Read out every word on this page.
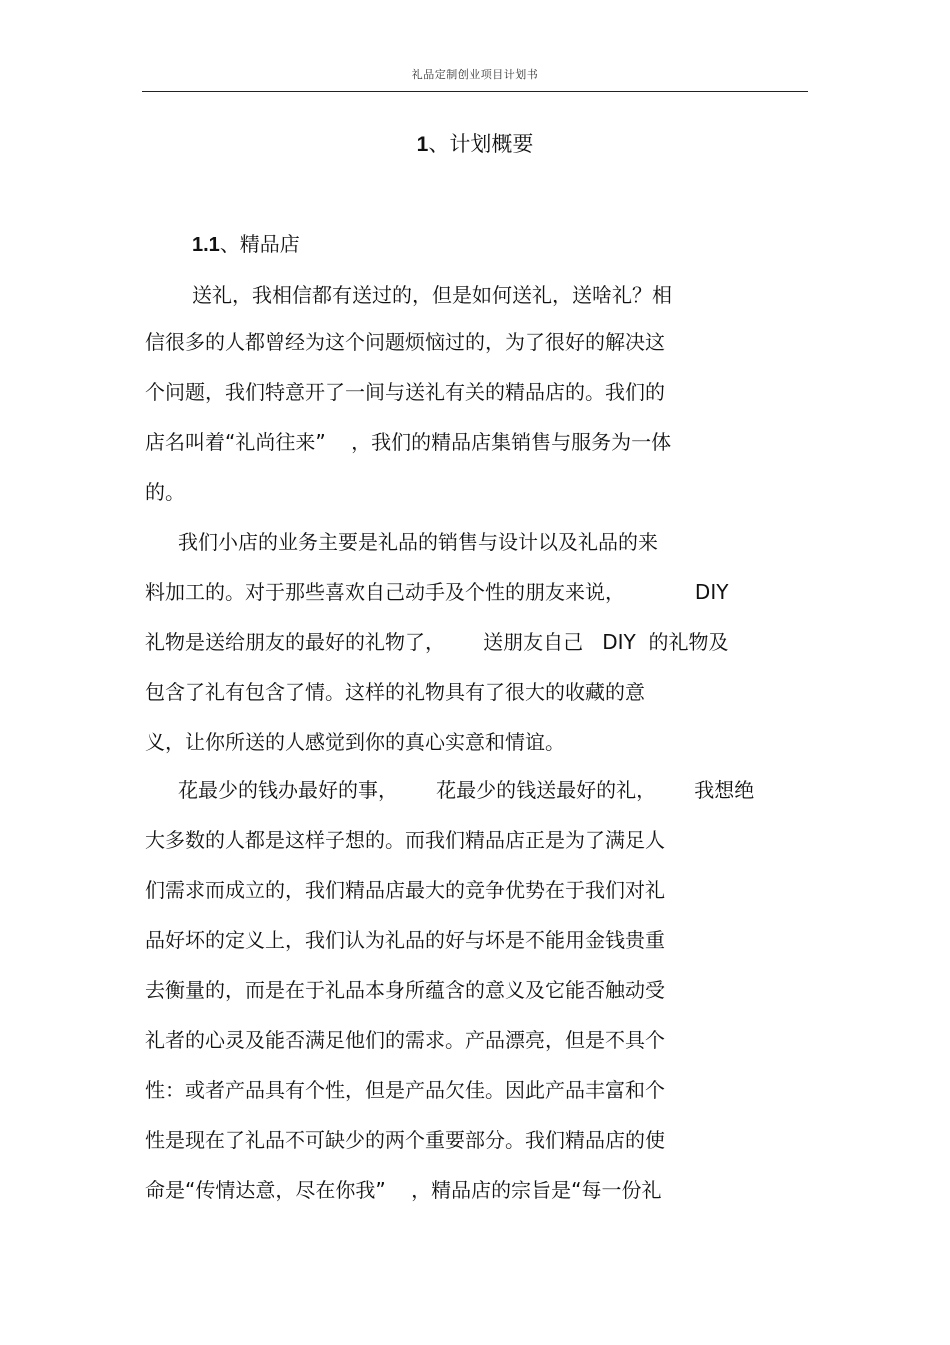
礼品定制创业项目计划书
1、计划概要
1.1、精品店
送礼，我相信都有送过的，但是如何送礼，送啥礼？相
信很多的人都曾经为这个问题烦恼过的，为了很好的解决这
个问题，我们特意开了一间与送礼有关的精品店的。我们的
店名叫着“礼尚往来”    ，我们的精品店集销售与服务为一体
的。
我们小店的业务主要是礼品的销售与设计以及礼品的来
料加工的。对于那些喜欢自己动手及个性的朋友来说，           DIY
礼物是送给朋友的最好的礼物了，      送朋友自己   DIY  的礼物及
包含了礼有包含了情。这样的礼物具有了很大的收藏的意
义，让你所送的人感觉到你的真心实意和情谊。
花最少的钱办最好的事，      花最少的钱送最好的礼，      我想绝
大多数的人都是这样子想的。而我们精品店正是为了满足人
们需求而成立的，我们精品店最大的竞争优势在于我们对礼
品好坏的定义上，我们认为礼品的好与坏是不能用金钱贵重
去衡量的，而是在于礼品本身所蕴含的意义及它能否触动受
礼者的心灵及能否满足他们的需求。产品漂亮，但是不具个
性：或者产品具有个性，但是产品欠佳。因此产品丰富和个
性是现在了礼品不可缺少的两个重要部分。我们精品店的使
命是“传情达意，尽在你我”    ，精品店的宗旨是“每一份礼
